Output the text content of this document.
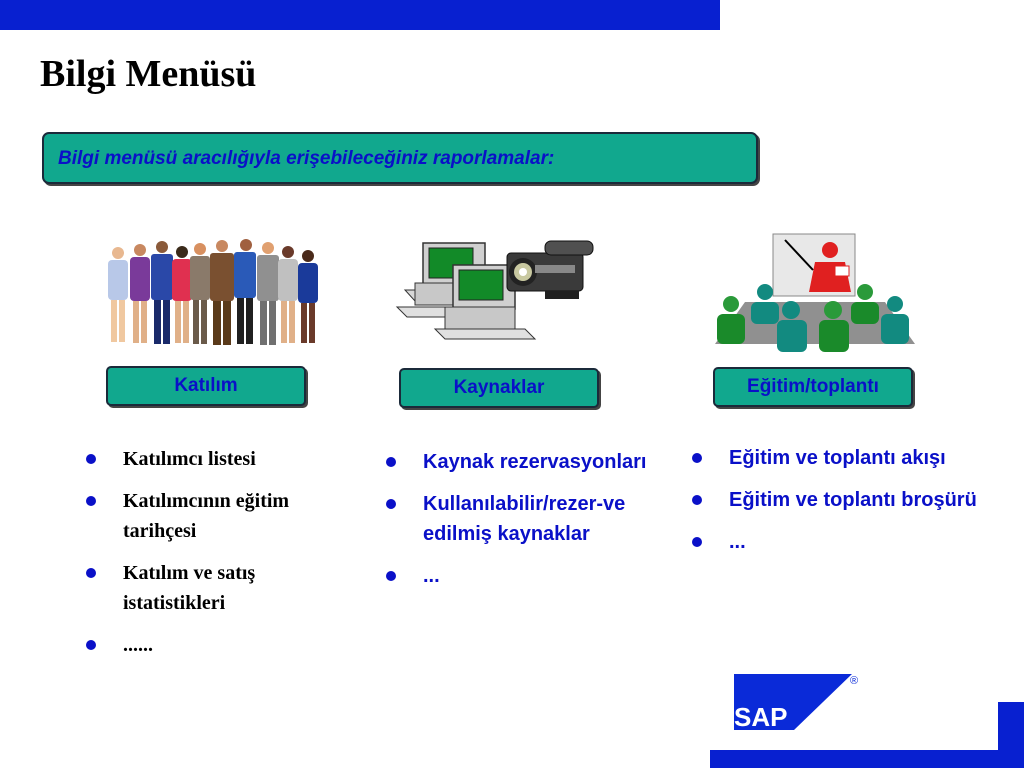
Bilgi Menüsü
Bilgi menüsü aracılığıyla erişebileceğiniz raporlamalar:
Katılım	Kaynaklar	Eğitim/toplantı
Katılımcı listesi
Katılımcının eğitim tarihçesi
Katılım ve satış istatistikleri
......
Kaynak rezervasyonları
Kullanılabilir/rezer-ve edilmiş kaynaklar
...
Eğitim ve toplantı akışı
Eğitim ve toplantı broşürü
...
SAP
®
